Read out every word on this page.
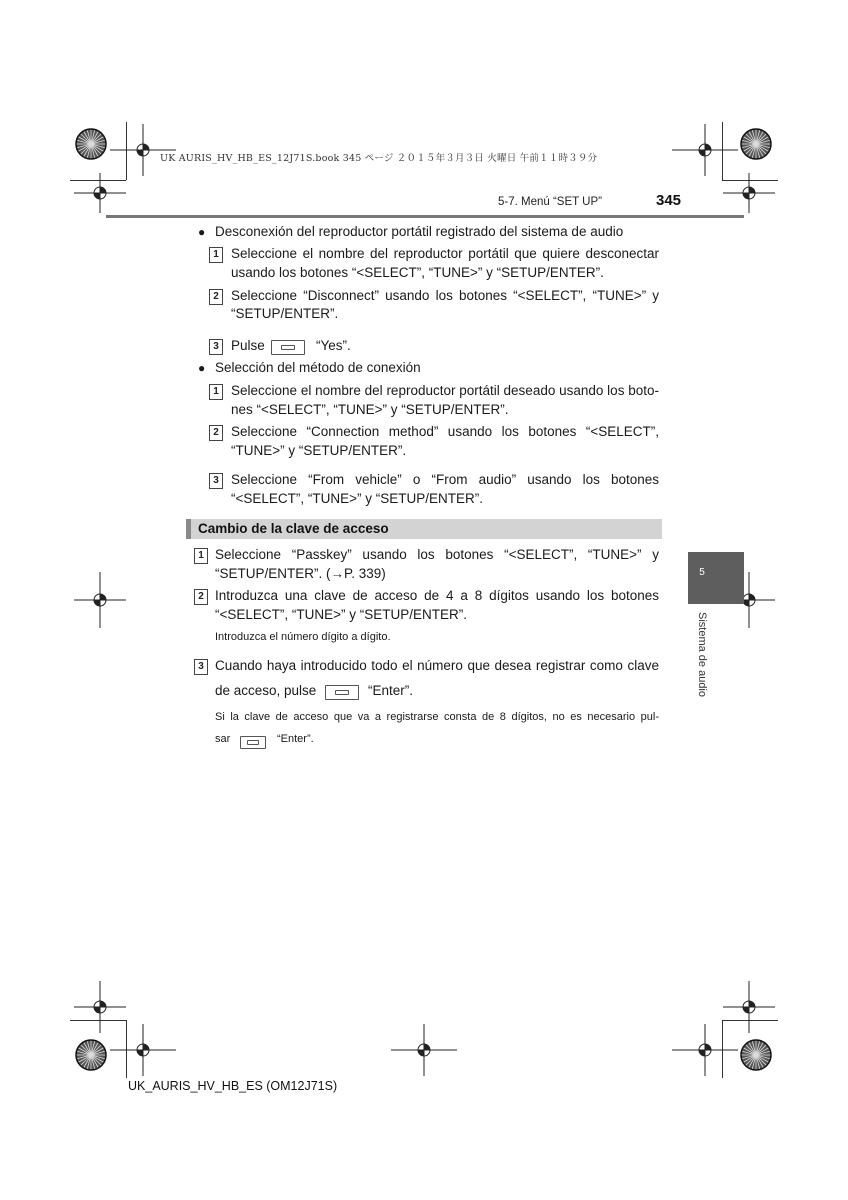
UK AURIS_HV_HB_ES_12J71S.book 345 ページ ２０１５年３月３日 火曜日 午前１１時３９分
5-7. Menú “SET UP”	345
● Desconexión del reproductor portátil registrado del sistema de audio
1 Seleccione el nombre del reproductor portátil que quiere desconectar
usando los botones “<SELECT”, “TUNE>” y “SETUP/ENTER”.
2 Seleccione “Disconnect” usando los botones “<SELECT”, “TUNE>” y
“SETUP/ENTER”.
3 Pulse	“Yes”.
● Selección del método de conexión
1 Seleccione el nombre del reproductor portátil deseado usando los boto-
nes “<SELECT”, “TUNE>” y “SETUP/ENTER”.
2 Seleccione “Connection method” usando los botones “<SELECT”,
“TUNE>” y “SETUP/ENTER”.
3 Seleccione “From vehicle” o “From audio” usando los botones
“<SELECT”, “TUNE>” y “SETUP/ENTER”.
Cambio de la clave de acceso
1 Seleccione “Passkey” usando los botones “<SELECT”, “TUNE>” y
“SETUP/ENTER”. (→P. 339)
2 Introduzca una clave de acceso de 4 a 8 dígitos usando los botones
“<SELECT”, “TUNE>” y “SETUP/ENTER”.
Introduzca el número dígito a dígito.
3 Cuando haya introducido todo el número que desea registrar como clave
de acceso, pulse	“Enter”.
Si la clave de acceso que va a registrarse consta de 8 dígitos, no es necesario pul-
sar	“Enter”.
5
Sistema de audio
UK_AURIS_HV_HB_ES (OM12J71S)
